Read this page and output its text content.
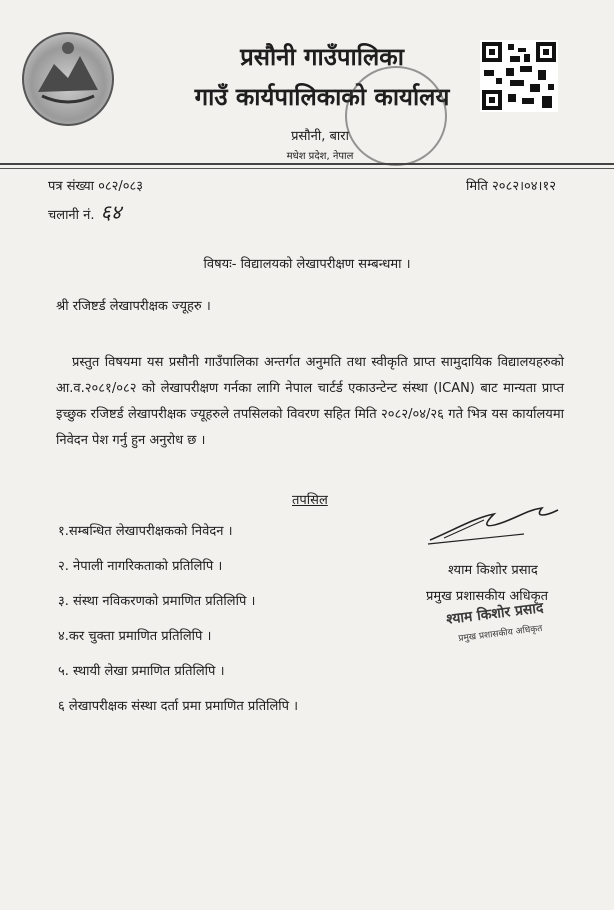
प्रसौनी गाउँपालिका
गाउँ कार्यपालिकाको कार्यालय
प्रसौनी, बारा
मधेश प्रदेश, नेपाल
पत्र संख्या ०८२/०८३
चलानी नं. ६४
मिति २०८२।०४।१२
विषयः- विद्यालयको लेखापरीक्षण सम्बन्धमा ।
श्री रजिष्टर्ड लेखापरीक्षक ज्यूहरु ।

प्रस्तुत विषयमा यस प्रसौनी गाउँपालिका अन्तर्गत अनुमति तथा स्वीकृति प्राप्त सामुदायिक विद्यालयहरुको आ.व.२०८१/०८२ को लेखापरीक्षण गर्नका लागि नेपाल चार्टर्ड एकाउन्टेन्ट संस्था (ICAN) बाट मान्यता प्राप्त इच्छुक रजिष्टर्ड लेखापरीक्षक ज्यूहरुले तपसिलको विवरण सहित मिति २०८२/०४/२६ गते भित्र यस कार्यालयमा निवेदन पेश गर्नु हुन अनुरोध छ ।

तपसिल
१.सम्बन्धित लेखापरीक्षकको निवेदन ।
२. नेपाली नागरिकताको प्रतिलिपि ।
३. संस्था नविकरणको प्रमाणित प्रतिलिपि ।
४.कर चुक्ता प्रमाणित प्रतिलिपि ।
५. स्थायी लेखा प्रमाणित प्रतिलिपि ।
६ लेखापरीक्षक संस्था दर्ता प्रमा प्रमाणित प्रतिलिपि ।
श्याम किशोर प्रसाद
प्रमुख प्रशासकीय अधिकृत
श्याम किशोर प्रसाद
प्रमुख प्रशासकीय अधिकृत
